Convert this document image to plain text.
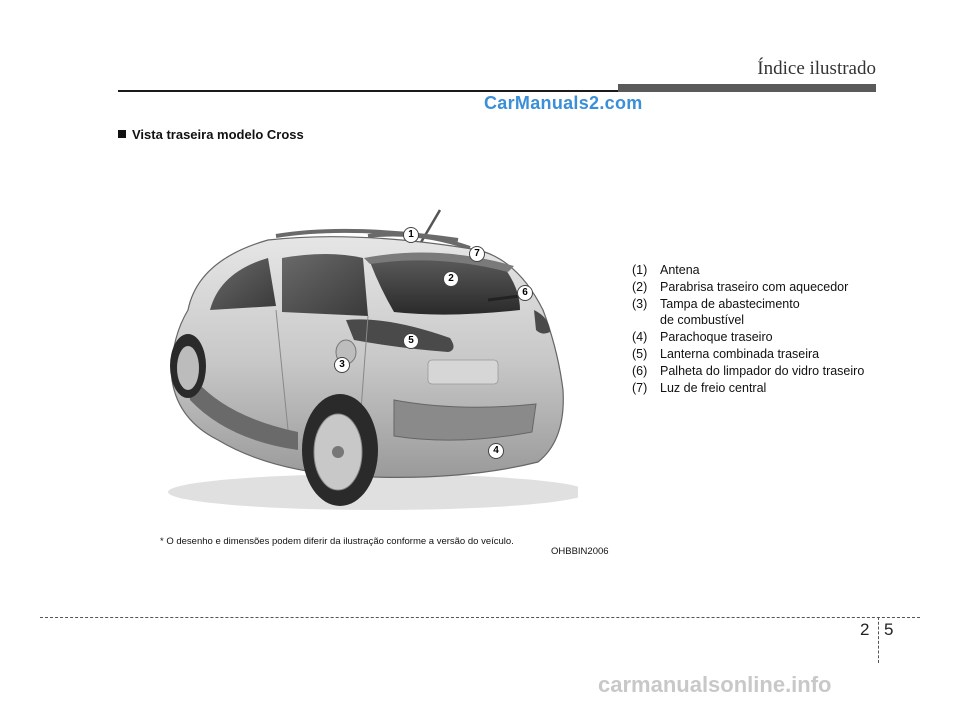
Índice ilustrado
CarManuals2.com
Vista traseira modelo Cross
1
2
3
4
5
6
7
(1)	Antena
(2)	Parabrisa traseiro com aquecedor
(3)	Tampa de abastecimento de combustível
(4)	Parachoque traseiro
(5)	Lanterna combinada traseira
(6)	Palheta do limpador do vidro traseiro
(7)	Luz de freio central
* O desenho e dimensões podem diferir da ilustração conforme a versão do veículo.
OHBBIN2006
2 5
carmanualsonline.info
